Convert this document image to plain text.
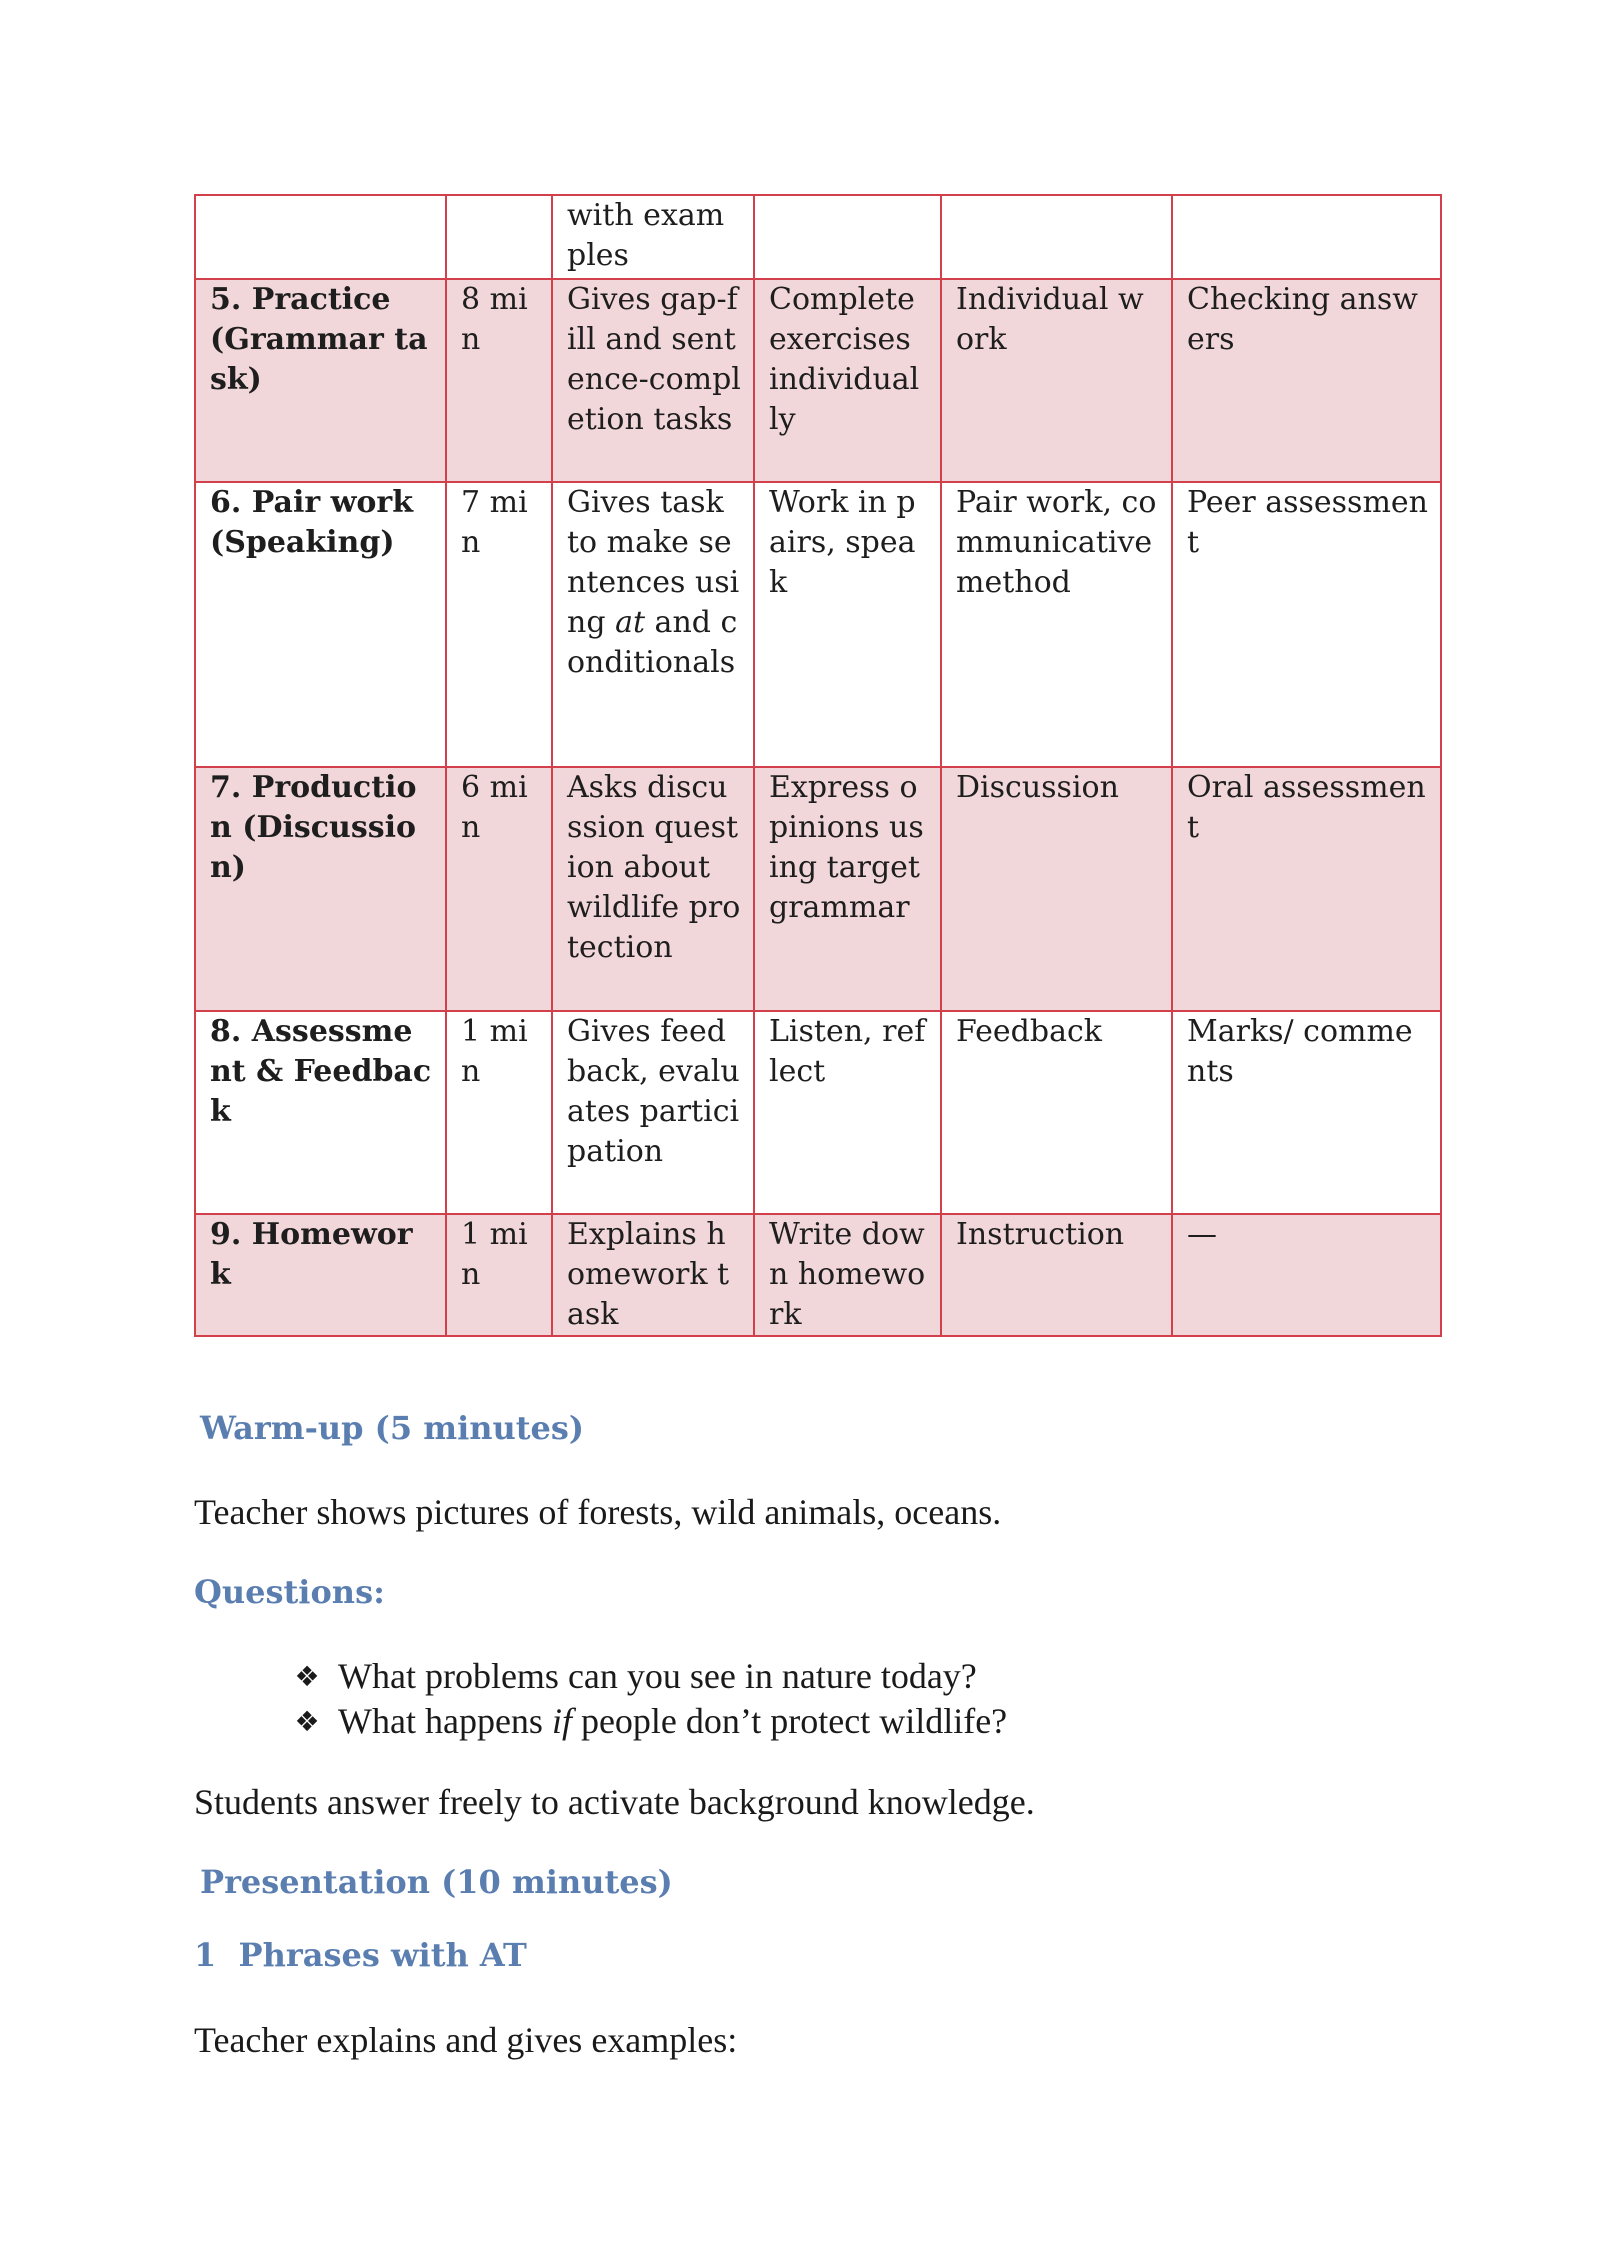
		with examples			

5. Practice (Grammar task)	8 min	Gives gap-fill and sentence-completion tasks	Complete exercises individually	Individual work	Checking answers

6. Pair work (Speaking)	7 min	Gives task to make sentences using at and conditionals	Work in pairs, speak	Pair work, communicative method	Peer assessment

7. Production (Discussion)	6 min	Asks discussion question about wildlife protection	Express opinions using target grammar	Discussion	Oral assessment

8. Assessment & Feedback	1 min	Gives feedback, evaluates participation	Listen, reflect	Feedback	Marks/ comments

9. Homework	1 min	Explains homework task	Write down homework	Instruction	—
Warm-up (5 minutes)

Teacher shows pictures of forests, wild animals, oceans.

Questions:
❖ What problems can you see in nature today?
❖ What happens if people don’t protect wildlife?

Students answer freely to activate background knowledge.

Presentation (10 minutes)
1  Phrases with AT

Teacher explains and gives examples:
